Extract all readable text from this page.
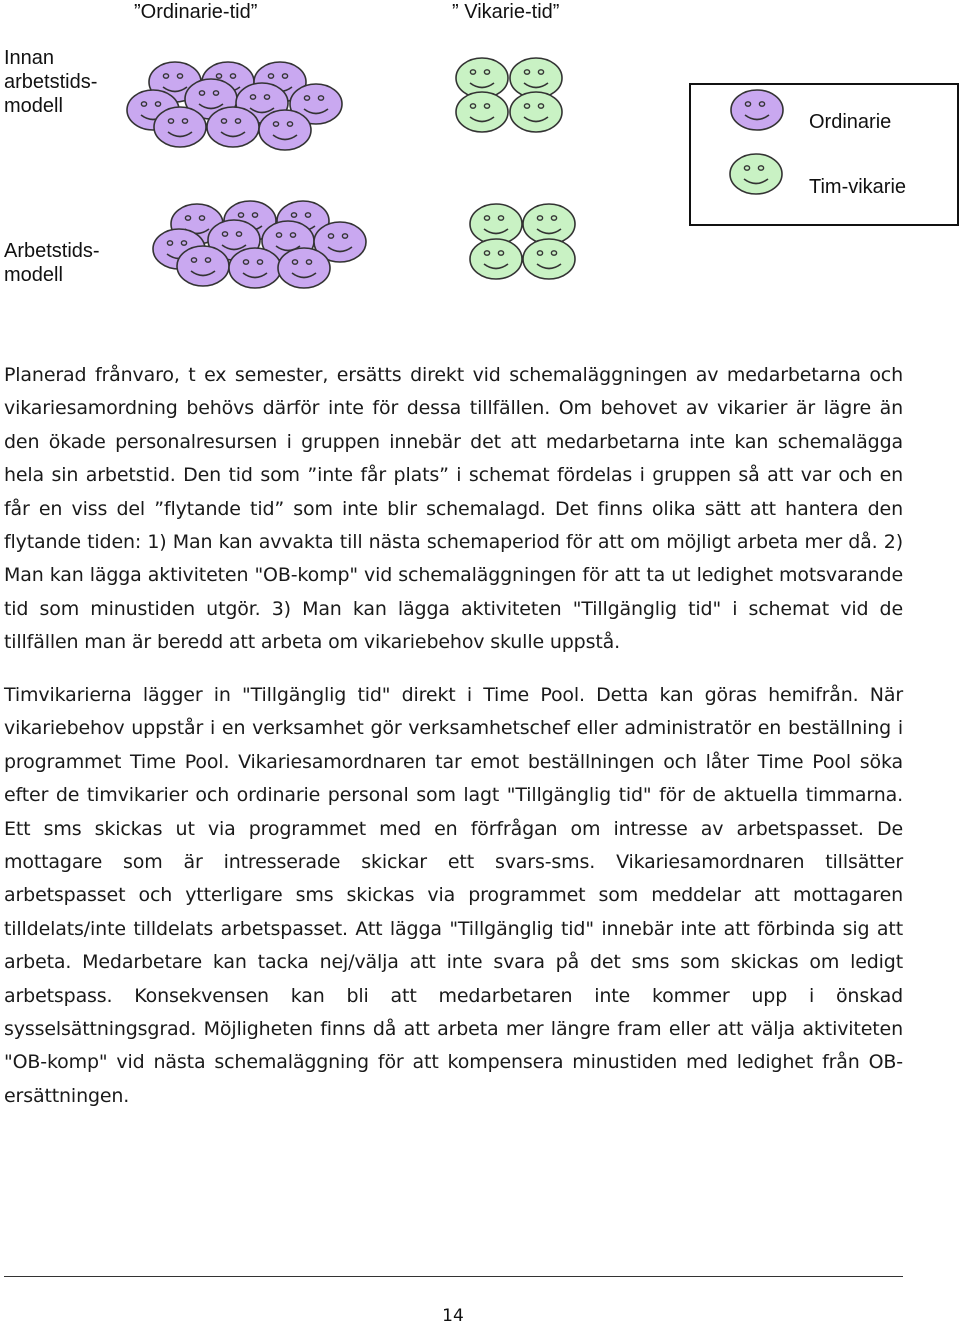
”Ordinarie-tid”	” Vikarie-tid”
Innan
arbetstids-
modell
Arbetstids-
modell
Ordinarie
Tim-vikarie

Planerad frånvaro, t ex semester, ersätts direkt vid schemaläggningen av medarbetarna och vikariesamordning behövs därför inte för dessa tillfällen. Om behovet av vikarier är lägre än den ökade personalresursen i gruppen innebär det att medarbetarna inte kan schemalägga hela sin arbetstid. Den tid som ”inte får plats” i schemat fördelas i gruppen så att var och en får en viss del ”flytande tid” som inte blir schemalagd. Det finns olika sätt att hantera den flytande tiden: 1) Man kan avvakta till nästa schemaperiod för att om möjligt arbeta mer då. 2) Man kan lägga aktiviteten "OB-komp" vid schemaläggningen för att ta ut ledighet motsvarande tid som minustiden utgör. 3) Man kan lägga aktiviteten "Tillgänglig tid" i schemat vid de tillfällen man är beredd att arbeta om vikariebehov skulle uppstå.

Timvikarierna lägger in "Tillgänglig tid" direkt i Time Pool. Detta kan göras hemifrån. När vikariebehov uppstår i en verksamhet gör verksamhetschef eller administratör en beställning i programmet Time Pool. Vikariesamordnaren tar emot beställningen och låter Time Pool söka efter de timvikarier och ordinarie personal som lagt "Tillgänglig tid" för de aktuella timmarna. Ett sms skickas ut via programmet med en förfrågan om intresse av arbetspasset. De mottagare som är intresserade skickar ett svars-sms. Vikariesamordnaren tillsätter arbetspasset och ytterligare sms skickas via programmet som meddelar att mottagaren tilldelats/inte tilldelats arbetspasset. Att lägga "Tillgänglig tid" innebär inte att förbinda sig att arbeta. Medarbetare kan tacka nej/välja att inte svara på det sms som skickas om ledigt arbetspass. Konsekvensen kan bli att medarbetaren inte kommer upp i önskad sysselsättningsgrad. Möjligheten finns då att arbeta mer längre fram eller att välja aktiviteten "OB-komp" vid nästa schemaläggning för att kompensera minustiden med ledighet från OB-ersättningen.

14
